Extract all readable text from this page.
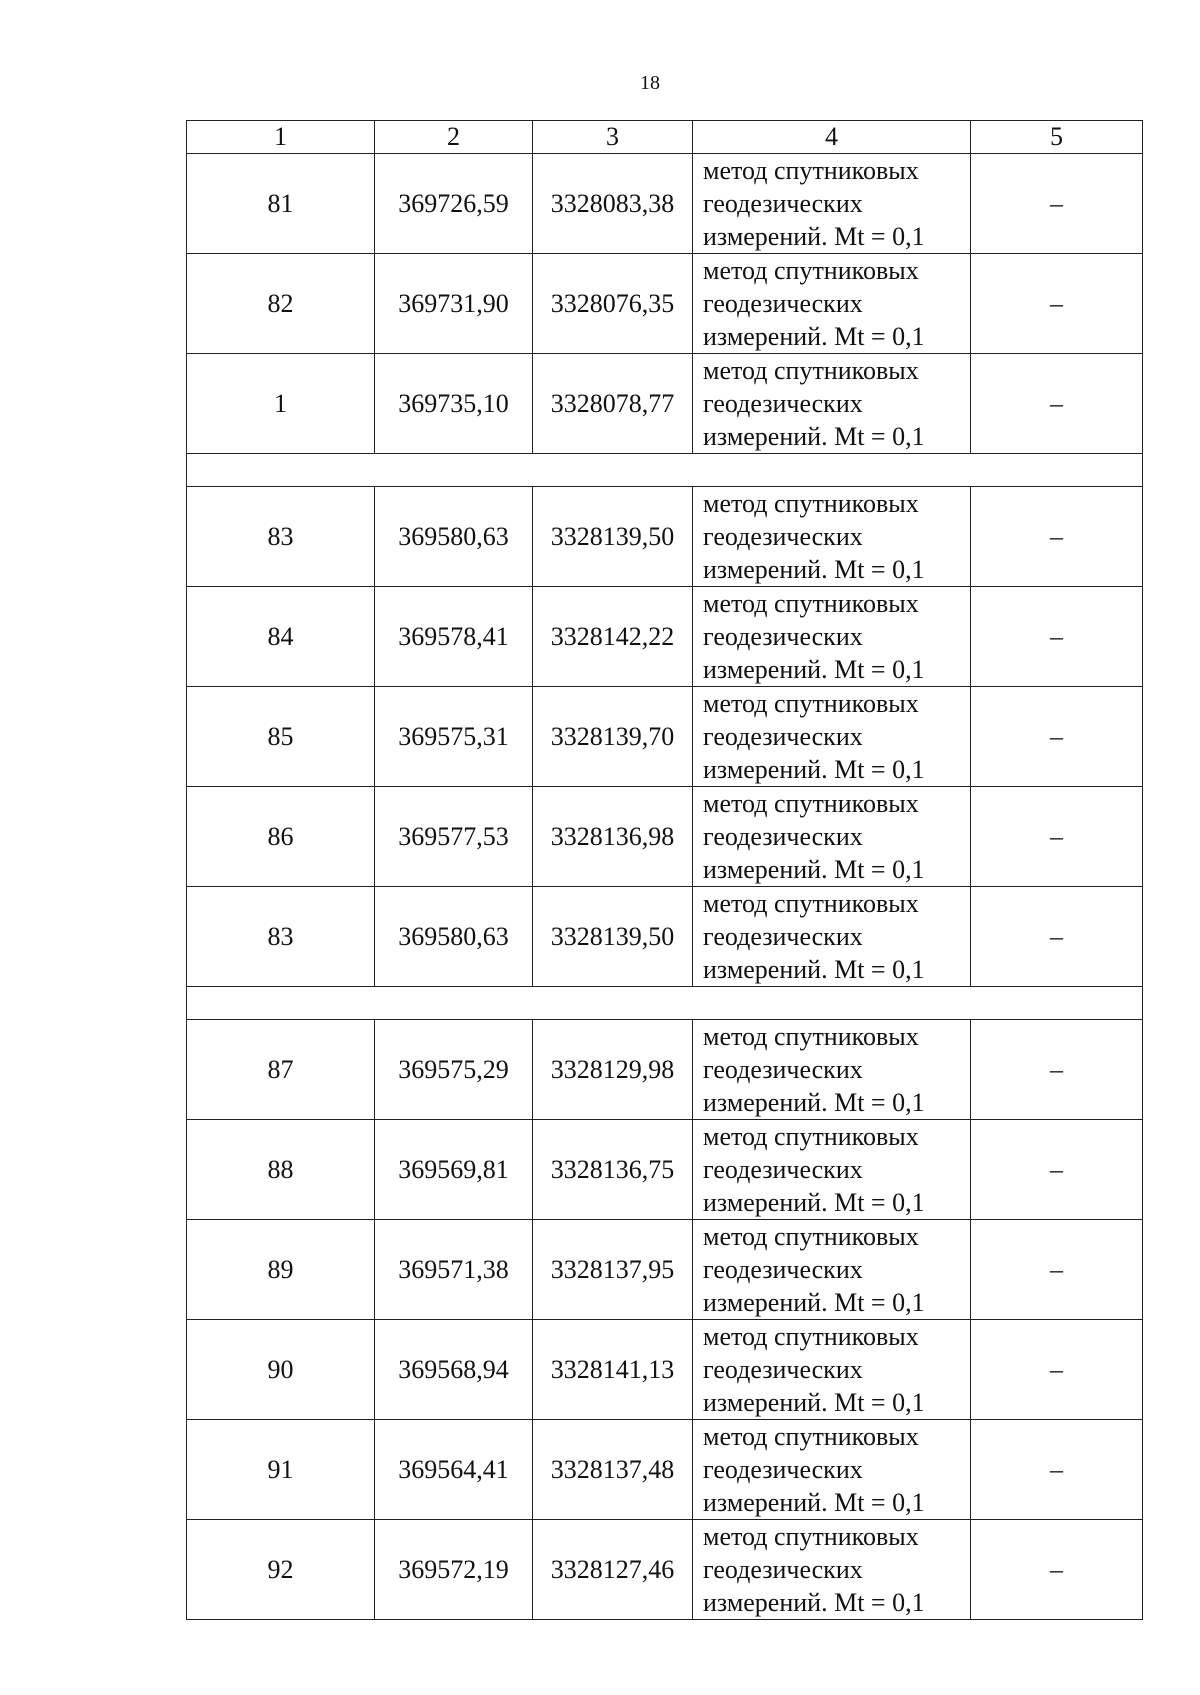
18
1	2	3	4	5
81	369726,59	3328083,38	метод спутниковых
геодезических
измерений. Mt = 0,1	–
82	369731,90	3328076,35	метод спутниковых
геодезических
измерений. Mt = 0,1	–
1	369735,10	3328078,77	метод спутниковых
геодезических
измерений. Mt = 0,1	–

83	369580,63	3328139,50	метод спутниковых
геодезических
измерений. Mt = 0,1	–
84	369578,41	3328142,22	метод спутниковых
геодезических
измерений. Mt = 0,1	–
85	369575,31	3328139,70	метод спутниковых
геодезических
измерений. Mt = 0,1	–
86	369577,53	3328136,98	метод спутниковых
геодезических
измерений. Mt = 0,1	–
83	369580,63	3328139,50	метод спутниковых
геодезических
измерений. Mt = 0,1	–

87	369575,29	3328129,98	метод спутниковых
геодезических
измерений. Mt = 0,1	–
88	369569,81	3328136,75	метод спутниковых
геодезических
измерений. Mt = 0,1	–
89	369571,38	3328137,95	метод спутниковых
геодезических
измерений. Mt = 0,1	–
90	369568,94	3328141,13	метод спутниковых
геодезических
измерений. Mt = 0,1	–
91	369564,41	3328137,48	метод спутниковых
геодезических
измерений. Mt = 0,1	–
92	369572,19	3328127,46	метод спутниковых
геодезических
измерений. Mt = 0,1	–
